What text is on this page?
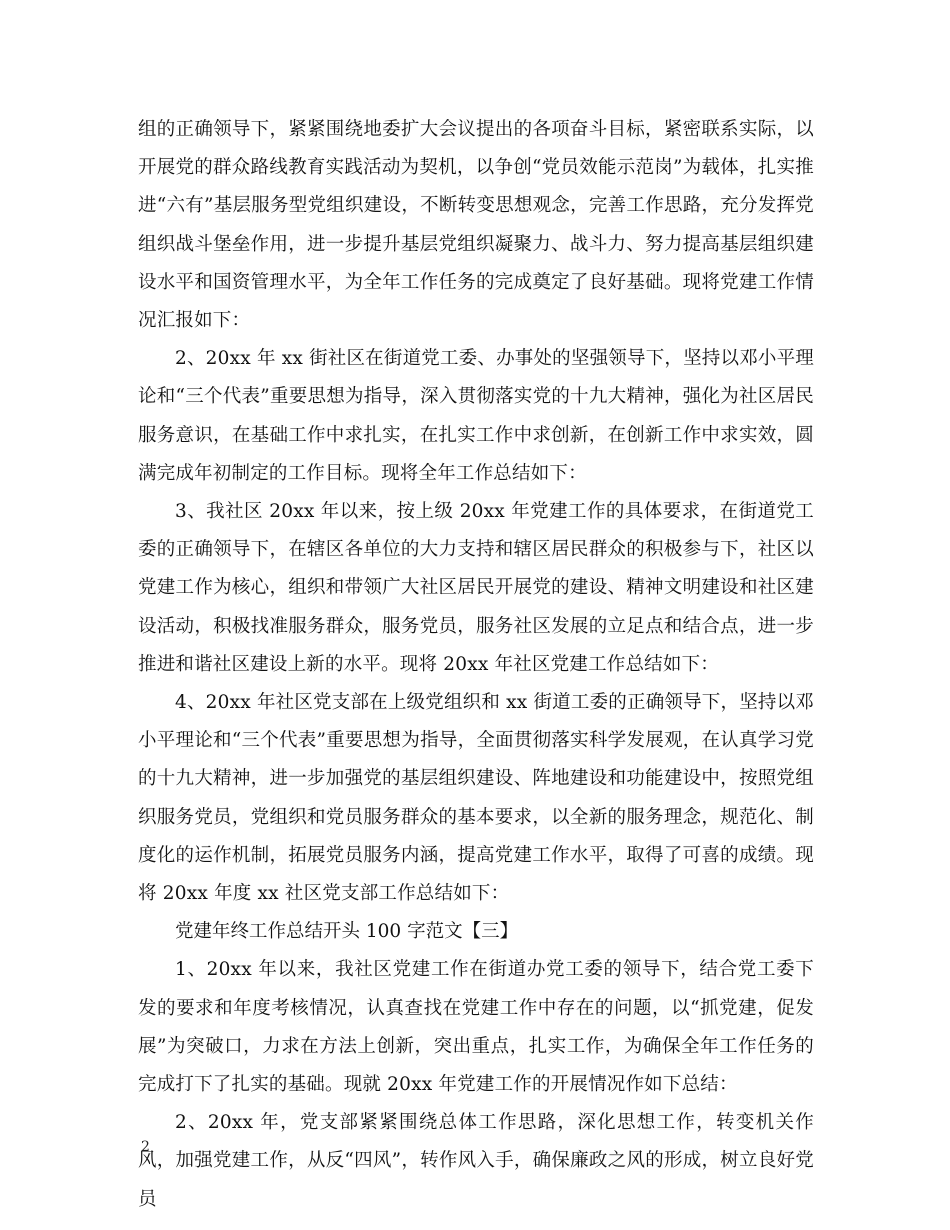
组的正确领导下，紧紧围绕地委扩大会议提出的各项奋斗目标，紧密联系实际，以开展党的群众路线教育实践活动为契机，以争创“党员效能示范岗”为载体，扎实推进“六有”基层服务型党组织建设，不断转变思想观念，完善工作思路，充分发挥党组织战斗堡垒作用，进一步提升基层党组织凝聚力、战斗力、努力提高基层组织建设水平和国资管理水平，为全年工作任务的完成奠定了良好基础。现将党建工作情况汇报如下：

2、20xx 年 xx 街社区在街道党工委、办事处的坚强领导下，坚持以邓小平理论和“三个代表”重要思想为指导，深入贯彻落实党的十九大精神，强化为社区居民服务意识，在基础工作中求扎实，在扎实工作中求创新，在创新工作中求实效，圆满完成年初制定的工作目标。现将全年工作总结如下：

3、我社区 20xx 年以来，按上级 20xx 年党建工作的具体要求，在街道党工委的正确领导下，在辖区各单位的大力支持和辖区居民群众的积极参与下，社区以党建工作为核心，组织和带领广大社区居民开展党的建设、精神文明建设和社区建设活动，积极找准服务群众，服务党员，服务社区发展的立足点和结合点，进一步推进和谐社区建设上新的水平。现将 20xx 年社区党建工作总结如下：

4、20xx 年社区党支部在上级党组织和 xx 街道工委的正确领导下，坚持以邓小平理论和“三个代表”重要思想为指导，全面贯彻落实科学发展观，在认真学习党的十九大精神，进一步加强党的基层组织建设、阵地建设和功能建设中，按照党组织服务党员，党组织和党员服务群众的基本要求，以全新的服务理念，规范化、制度化的运作机制，拓展党员服务内涵，提高党建工作水平，取得了可喜的成绩。现将 20xx 年度 xx 社区党支部工作总结如下：

党建年终工作总结开头 100 字范文【三】

1、20xx 年以来，我社区党建工作在街道办党工委的领导下，结合党工委下发的要求和年度考核情况，认真查找在党建工作中存在的问题，以“抓党建，促发展”为突破口，力求在方法上创新，突出重点，扎实工作，为确保全年工作任务的完成打下了扎实的基础。现就 20xx 年党建工作的开展情况作如下总结：

2、20xx 年，党支部紧紧围绕总体工作思路，深化思想工作，转变机关作风，加强党建工作，从反“四风”，转作风入手，确保廉政之风的形成，树立良好党员

2
